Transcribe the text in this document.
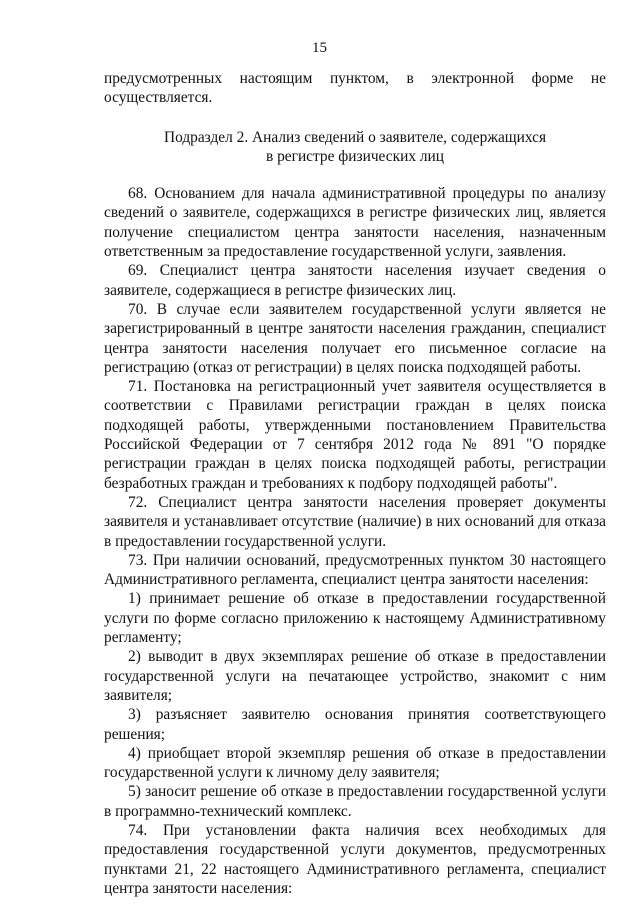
15

предусмотренных настоящим пунктом, в электронной форме не осуществляется.

Подраздел 2. Анализ сведений о заявителе, содержащихся
в регистре физических лиц

68. Основанием для начала административной процедуры по анализу сведений о заявителе, содержащихся в регистре физических лиц, является получение специалистом центра занятости населения, назначенным ответственным за предоставление государственной услуги, заявления.

69. Специалист центра занятости населения изучает сведения о заявителе, содержащиеся в регистре физических лиц.

70. В случае если заявителем государственной услуги является не зарегистрированный в центре занятости населения гражданин, специалист центра занятости населения получает его письменное согласие на регистрацию (отказ от регистрации) в целях поиска подходящей работы.

71. Постановка на регистрационный учет заявителя осуществляется в соответствии с Правилами регистрации граждан в целях поиска подходящей работы, утвержденными постановлением Правительства Российской Федерации от 7 сентября 2012 года № 891 "О порядке регистрации граждан в целях поиска подходящей работы, регистрации безработных граждан и требованиях к подбору подходящей работы".

72. Специалист центра занятости населения проверяет документы заявителя и устанавливает отсутствие (наличие) в них оснований для отказа в предоставлении государственной услуги.

73. При наличии оснований, предусмотренных пунктом 30 настоящего Административного регламента, специалист центра занятости населения:

1) принимает решение об отказе в предоставлении государственной услуги по форме согласно приложению к настоящему Административному регламенту;

2) выводит в двух экземплярах решение об отказе в предоставлении государственной услуги на печатающее устройство, знакомит с ним заявителя;

3) разъясняет заявителю основания принятия соответствующего решения;

4) приобщает второй экземпляр решения об отказе в предоставлении государственной услуги к личному делу заявителя;

5) заносит решение об отказе в предоставлении государственной услуги в программно-технический комплекс.

74. При установлении факта наличия всех необходимых для предоставления государственной услуги документов, предусмотренных пунктами 21, 22 настоящего Административного регламента, специалист центра занятости населения:
